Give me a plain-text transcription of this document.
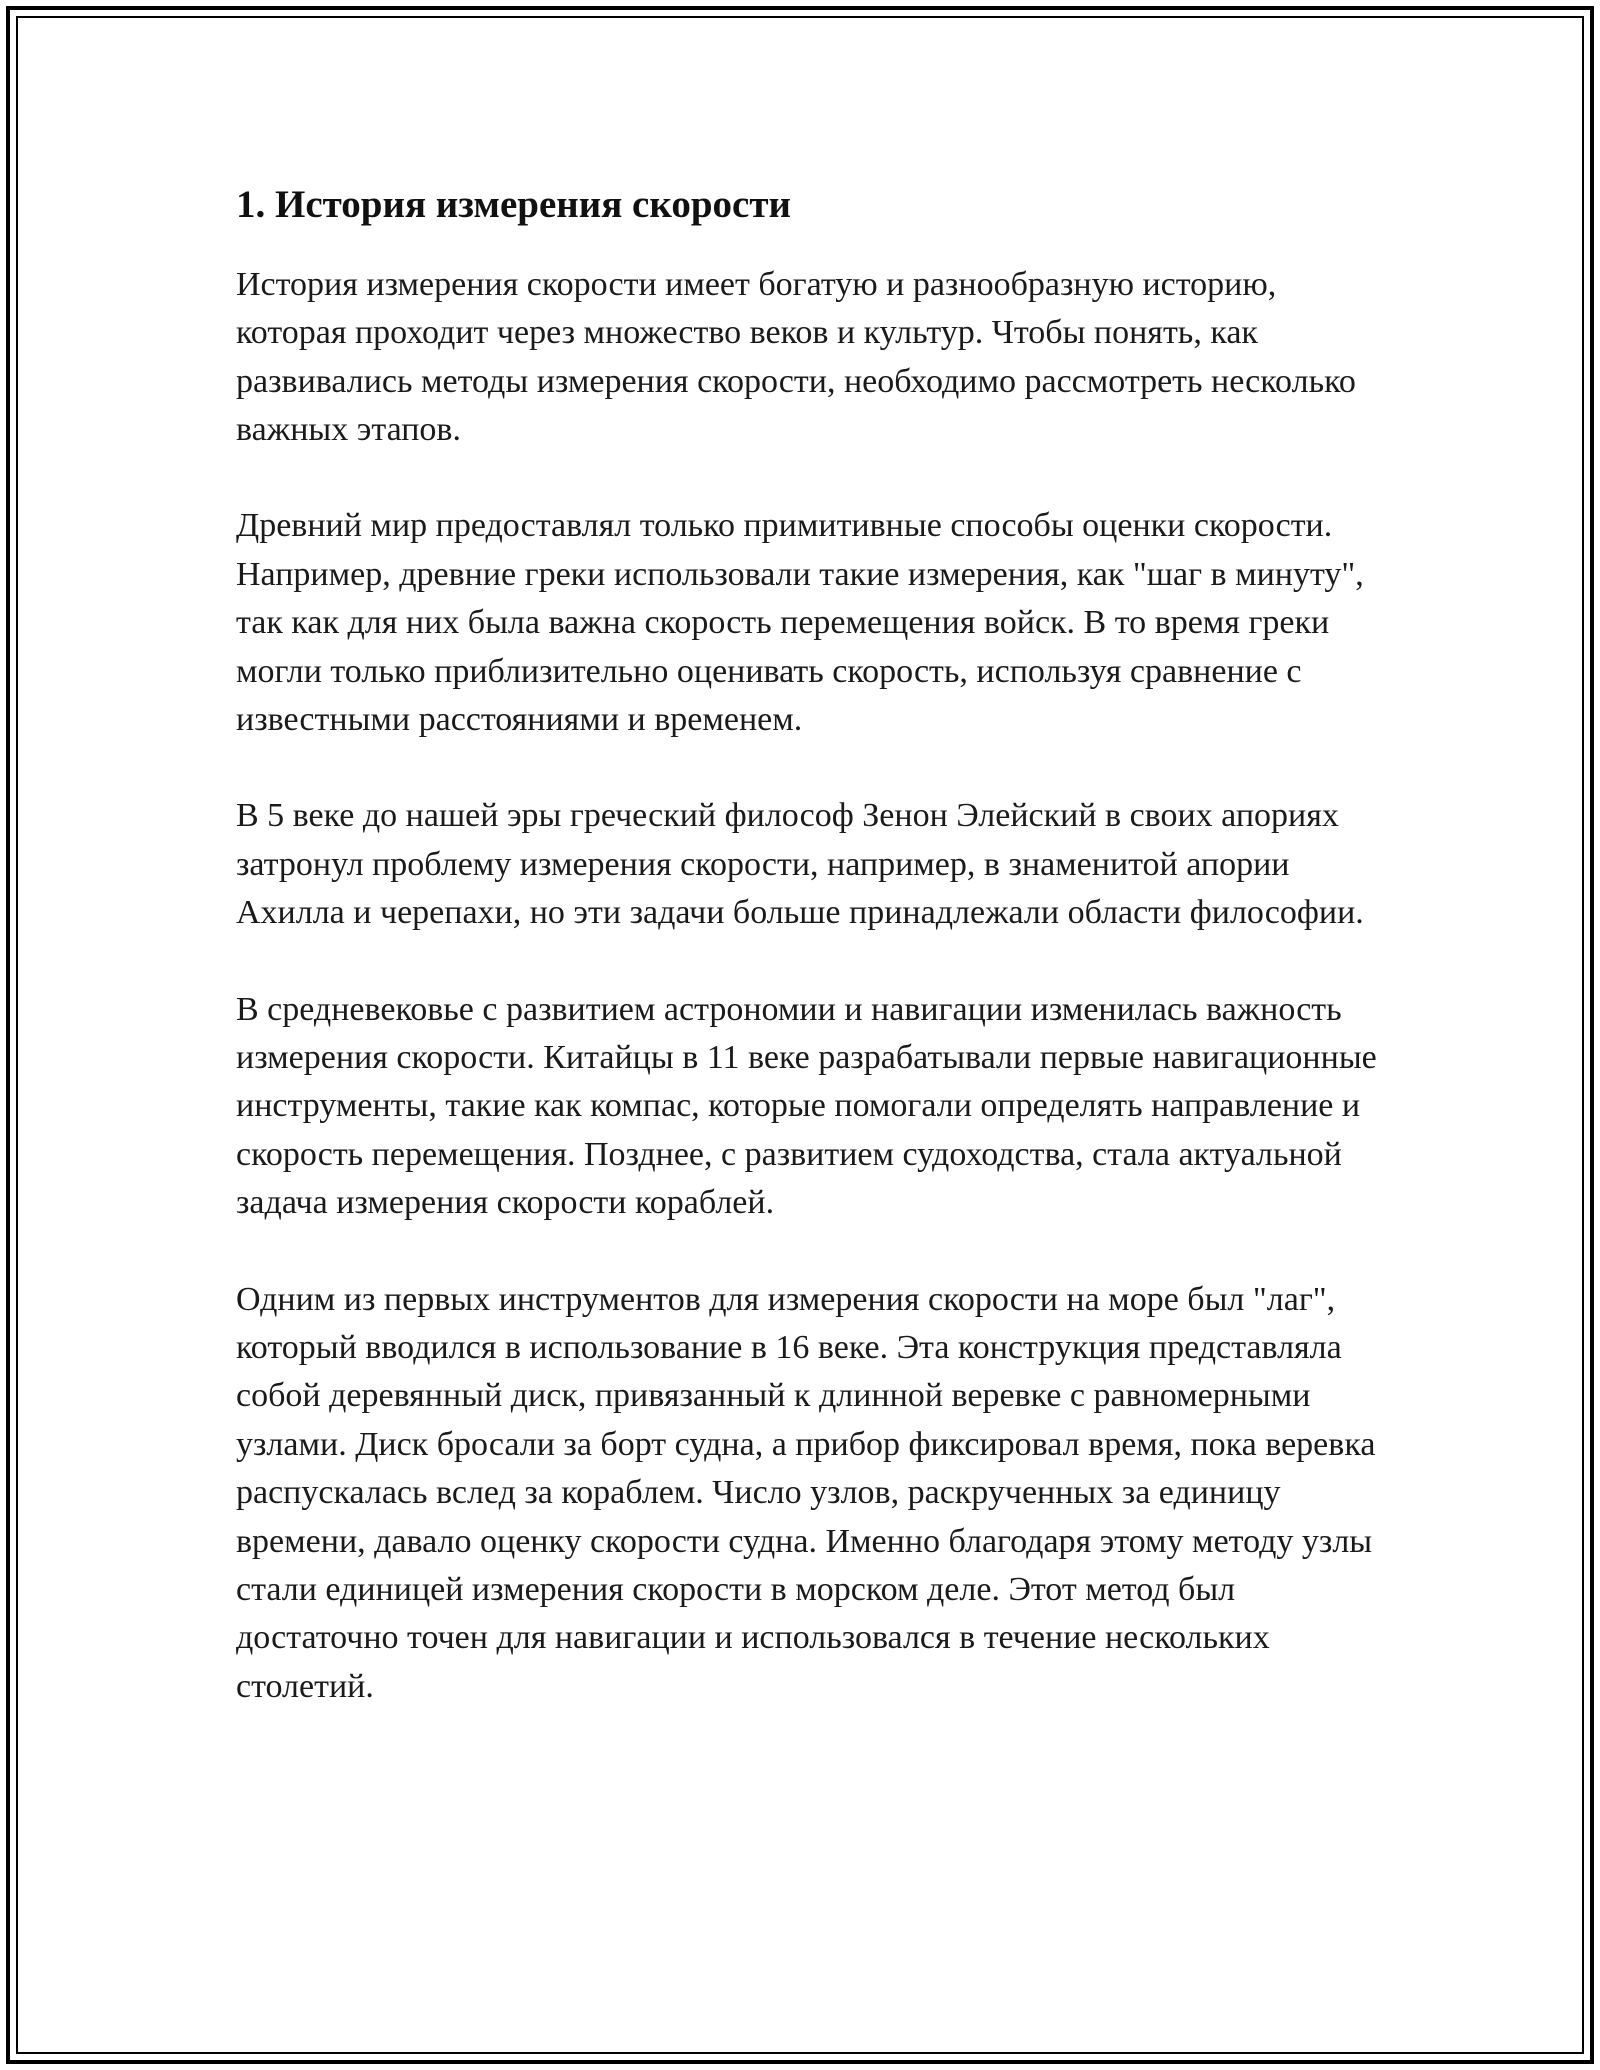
1. История измерения скорости

История измерения скорости имеет богатую и разнообразную историю, которая проходит через множество веков и культур. Чтобы понять, как развивались методы измерения скорости, необходимо рассмотреть несколько важных этапов.

Древний мир предоставлял только примитивные способы оценки скорости. Например, древние греки использовали такие измерения, как "шаг в минуту", так как для них была важна скорость перемещения войск. В то время греки могли только приблизительно оценивать скорость, используя сравнение с известными расстояниями и временем.

В 5 веке до нашей эры греческий философ Зенон Элейский в своих апориях затронул проблему измерения скорости, например, в знаменитой апории Ахилла и черепахи, но эти задачи больше принадлежали области философии.

В средневековье с развитием астрономии и навигации изменилась важность измерения скорости. Китайцы в 11 веке разрабатывали первые навигационные инструменты, такие как компас, которые помогали определять направление и скорость перемещения. Позднее, с развитием судоходства, стала актуальной задача измерения скорости кораблей.

Одним из первых инструментов для измерения скорости на море был "лаг", который вводился в использование в 16 веке. Эта конструкция представляла собой деревянный диск, привязанный к длинной веревке с равномерными узлами. Диск бросали за борт судна, а прибор фиксировал время, пока веревка распускалась вслед за кораблем. Число узлов, раскрученных за единицу времени, давало оценку скорости судна. Именно благодаря этому методу узлы стали единицей измерения скорости в морском деле. Этот метод был достаточно точен для навигации и использовался в течение нескольких столетий.
